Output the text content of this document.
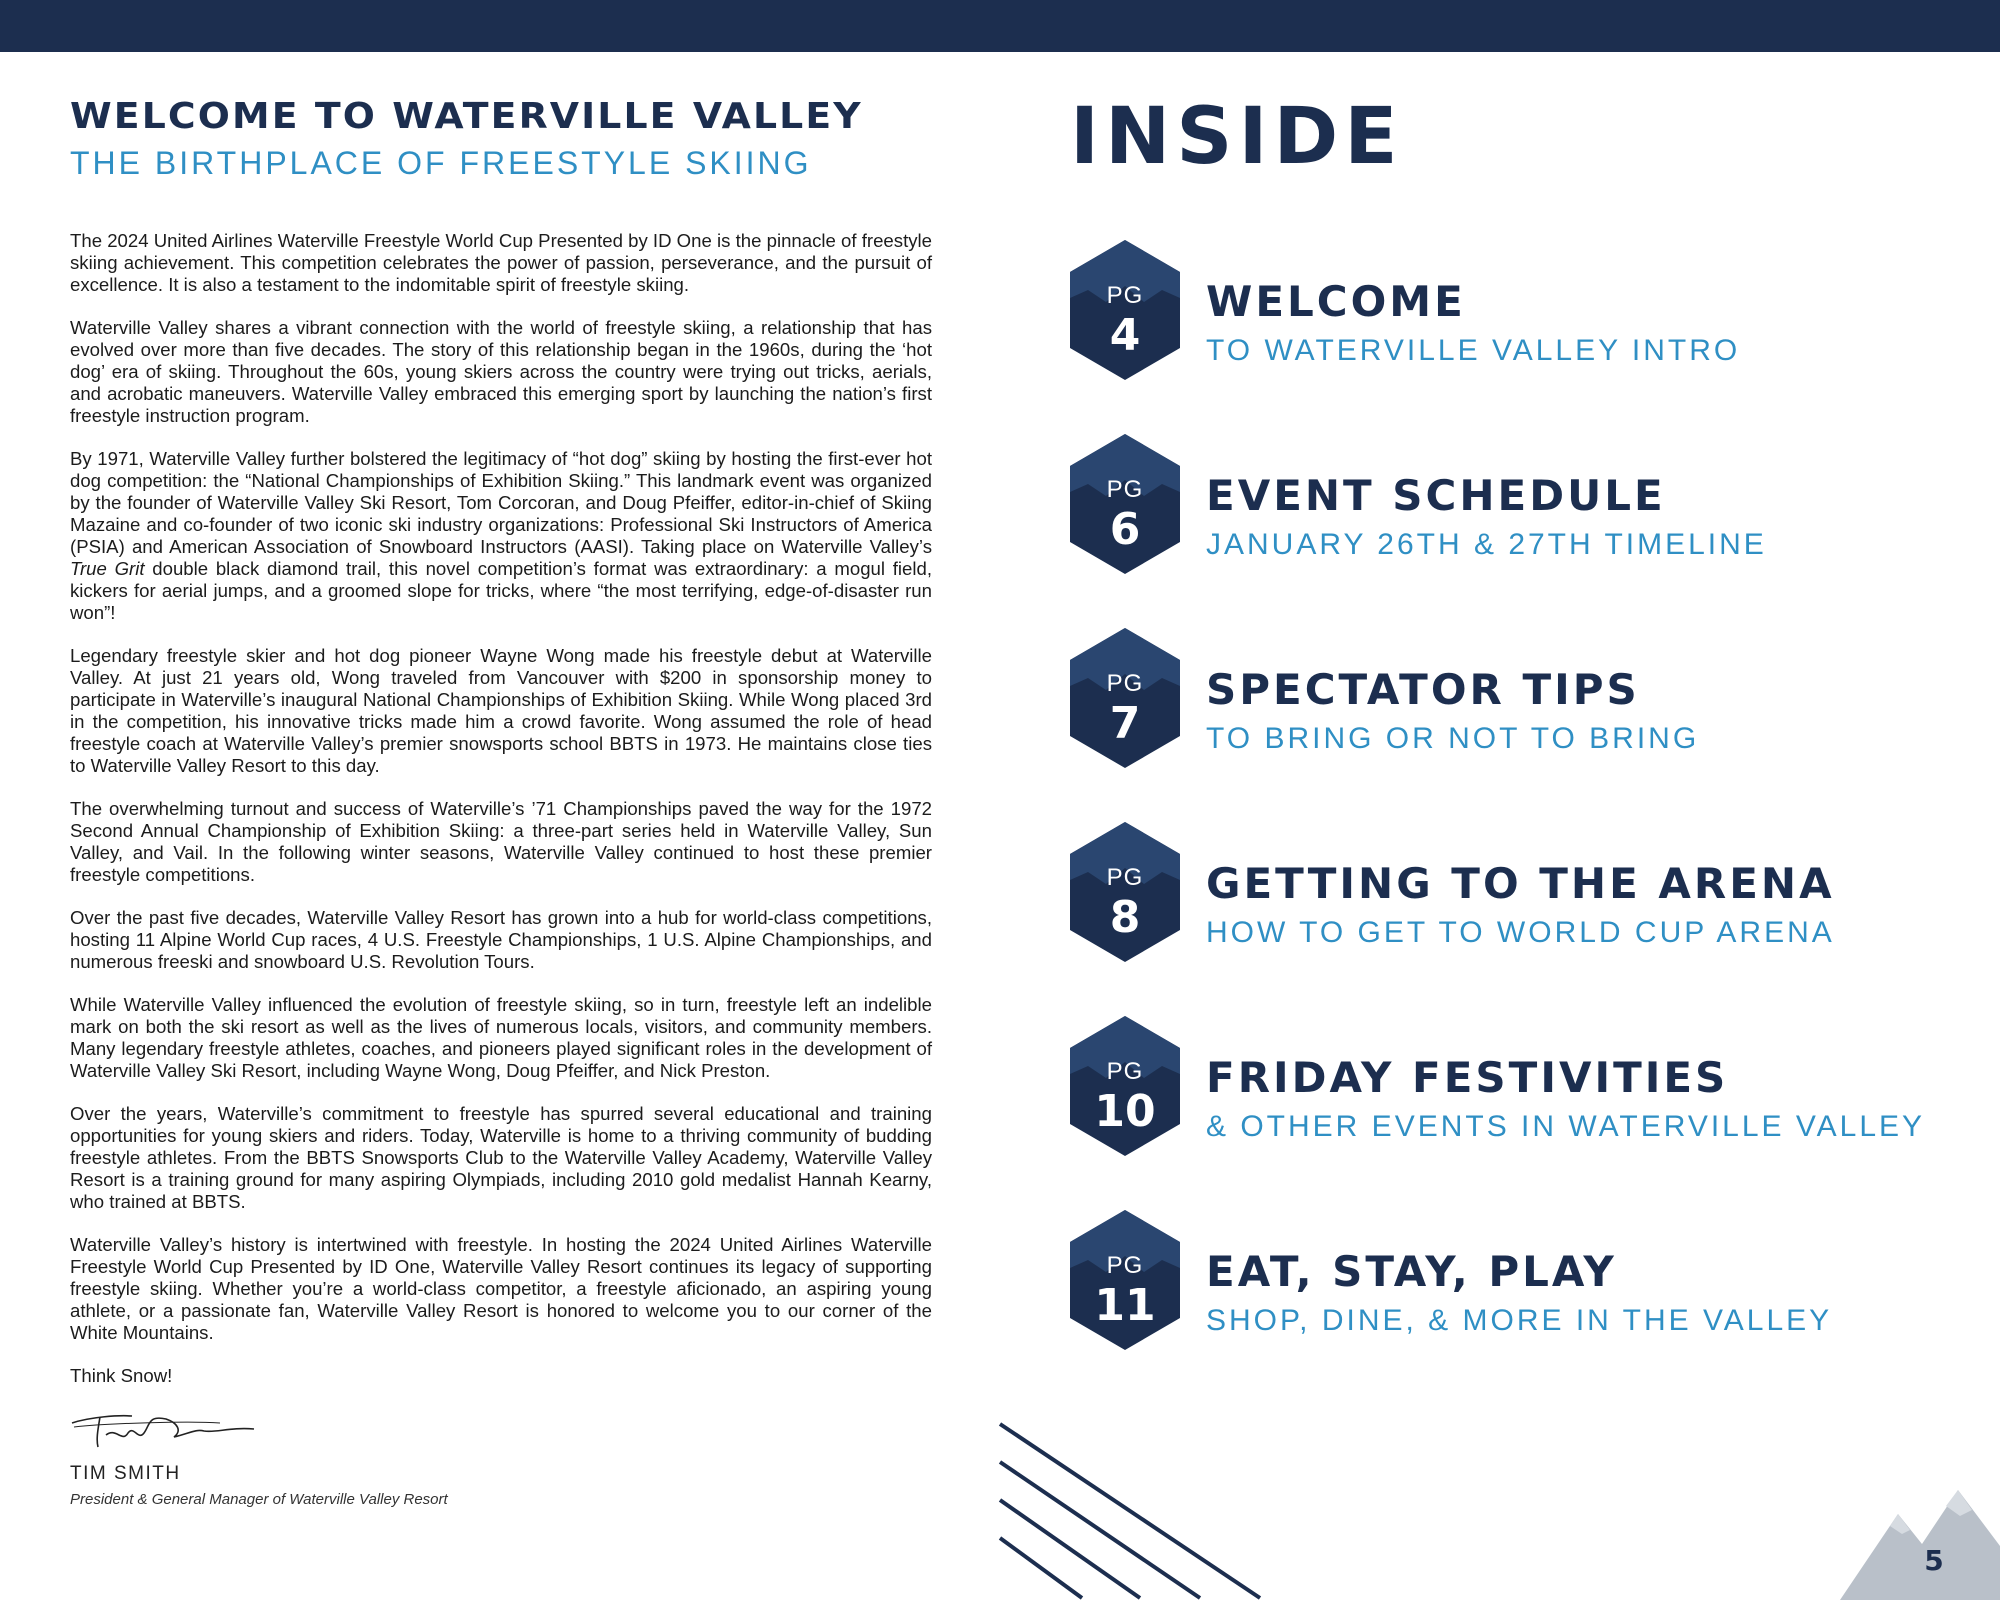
WELCOME TO WATERVILLE VALLEY
THE BIRTHPLACE OF FREESTYLE SKIING

The 2024 United Airlines Waterville Freestyle World Cup Presented by ID One is the pinnacle of freestyle skiing achievement. This competition celebrates the power of passion, perseverance, and the pursuit of excellence. It is also a testament to the indomitable spirit of freestyle skiing.

Waterville Valley shares a vibrant connection with the world of freestyle skiing, a relationship that has evolved over more than five decades. The story of this relationship began in the 1960s, during the ‘hot dog’ era of skiing. Throughout the 60s, young skiers across the country were trying out tricks, aerials, and acrobatic maneuvers. Waterville Valley embraced this emerging sport by launching the nation’s first freestyle instruction program.

By 1971, Waterville Valley further bolstered the legitimacy of “hot dog” skiing by hosting the first-ever hot dog competition: the “National Championships of Exhibition Skiing.” This landmark event was organized by the founder of Waterville Valley Ski Resort, Tom Corcoran, and Doug Pfeiffer, editor-in-chief of Skiing Mazaine and co-founder of two iconic ski industry organizations: Professional Ski Instructors of America (PSIA) and American Association of Snowboard Instructors (AASI). Taking place on Waterville Valley’s True Grit double black diamond trail, this novel competition’s format was extraordinary: a mogul field, kickers for aerial jumps, and a groomed slope for tricks, where “the most terrifying, edge-of-disaster run won”!

Legendary freestyle skier and hot dog pioneer Wayne Wong made his freestyle debut at Waterville Valley. At just 21 years old, Wong traveled from Vancouver with $200 in sponsorship money to participate in Waterville’s inaugural National Championships of Exhibition Skiing. While Wong placed 3rd in the competition, his innovative tricks made him a crowd favorite. Wong assumed the role of head freestyle coach at Waterville Valley’s premier snowsports school BBTS in 1973. He maintains close ties to Waterville Valley Resort to this day.

The overwhelming turnout and success of Waterville’s ’71 Championships paved the way for the 1972 Second Annual Championship of Exhibition Skiing: a three-part series held in Waterville Valley, Sun Valley, and Vail. In the following winter seasons, Waterville Valley continued to host these premier freestyle competitions.

Over the past five decades, Waterville Valley Resort has grown into a hub for world-class competitions, hosting 11 Alpine World Cup races, 4 U.S. Freestyle Championships, 1 U.S. Alpine Championships, and numerous freeski and snowboard U.S. Revolution Tours.

While Waterville Valley influenced the evolution of freestyle skiing, so in turn, freestyle left an indelible mark on both the ski resort as well as the lives of numerous locals, visitors, and community members. Many legendary freestyle athletes, coaches, and pioneers played significant roles in the development of Waterville Valley Ski Resort, including Wayne Wong, Doug Pfeiffer, and Nick Preston.

Over the years, Waterville’s commitment to freestyle has spurred several educational and training opportunities for young skiers and riders. Today, Waterville is home to a thriving community of budding freestyle athletes. From the BBTS Snowsports Club to the Waterville Valley Academy, Waterville Valley Resort is a training ground for many aspiring Olympiads, including 2010 gold medalist Hannah Kearny, who trained at BBTS.

Waterville Valley’s history is intertwined with freestyle. In hosting the 2024 United Airlines Waterville Freestyle World Cup Presented by ID One, Waterville Valley Resort continues its legacy of supporting freestyle skiing. Whether you’re a world-class competitor, a freestyle aficionado, an aspiring young athlete, or a passionate fan, Waterville Valley Resort is honored to welcome you to our corner of the White Mountains.

Think Snow!

TIM SMITH

President & General Manager of Waterville Valley Resort
INSIDE
PG
4
WELCOME
TO WATERVILLE VALLEY INTRO
PG
6
EVENT SCHEDULE
JANUARY 26TH & 27TH TIMELINE
PG
7
SPECTATOR TIPS
TO BRING OR NOT TO BRING
PG
8
GETTING TO THE ARENA
HOW TO GET TO WORLD CUP ARENA
PG
10
FRIDAY FESTIVITIES
& OTHER EVENTS IN WATERVILLE VALLEY
PG
11
EAT, STAY, PLAY
SHOP, DINE, & MORE IN THE VALLEY
5
